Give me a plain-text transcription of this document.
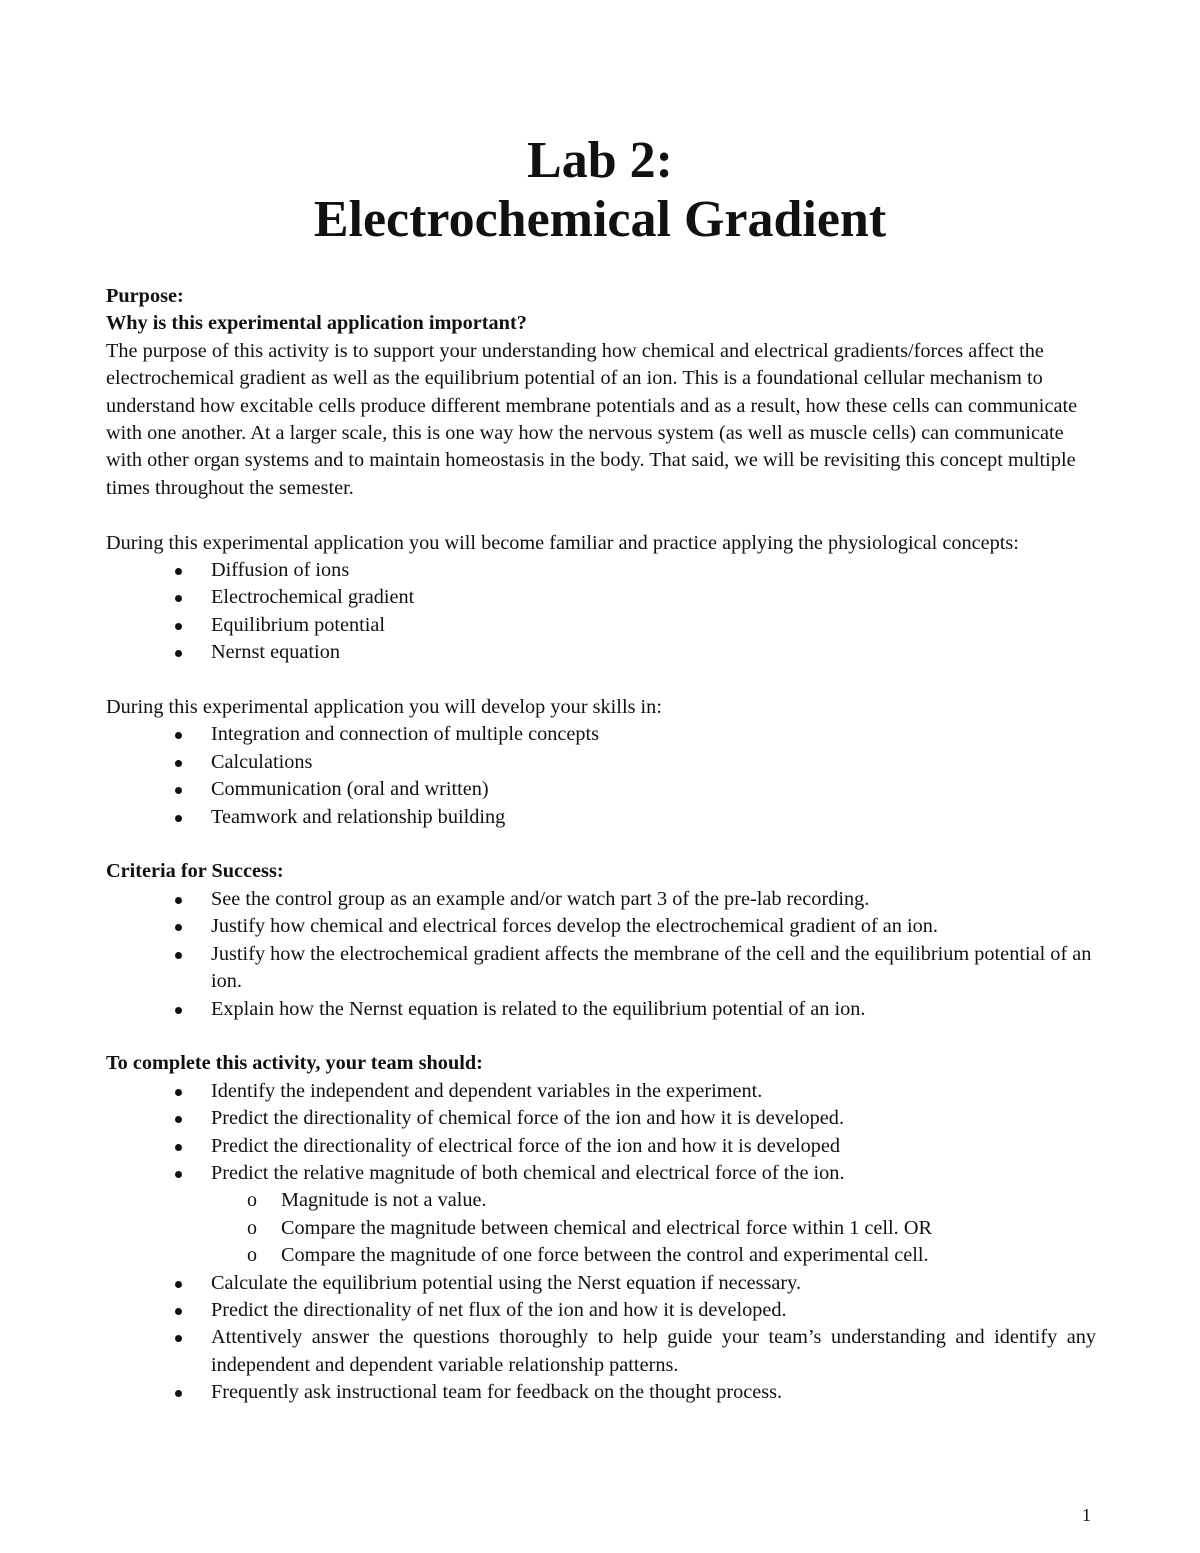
Lab 2:
Electrochemical Gradient

Purpose:

Why is this experimental application important?

The purpose of this activity is to support your understanding how chemical and electrical gradients/forces affect the electrochemical gradient as well as the equilibrium potential of an ion. This is a foundational cellular mechanism to understand how excitable cells produce different membrane potentials and as a result, how these cells can communicate with one another. At a larger scale, this is one way how the nervous system (as well as muscle cells) can communicate with other organ systems and to maintain homeostasis in the body. That said, we will be revisiting this concept multiple times throughout the semester.

During this experimental application you will become familiar and practice applying the physiological concepts:

Diffusion of ions
Electrochemical gradient
Equilibrium potential
Nernst equation

During this experimental application you will develop your skills in:

Integration and connection of multiple concepts
Calculations
Communication (oral and written)
Teamwork and relationship building

Criteria for Success:

See the control group as an example and/or watch part 3 of the pre-lab recording.
Justify how chemical and electrical forces develop the electrochemical gradient of an ion.
Justify how the electrochemical gradient affects the membrane of the cell and the equilibrium potential of an ion.
Explain how the Nernst equation is related to the equilibrium potential of an ion.

To complete this activity, your team should:

Identify the independent and dependent variables in the experiment.
Predict the directionality of chemical force of the ion and how it is developed.
Predict the directionality of electrical force of the ion and how it is developed
Predict the relative magnitude of both chemical and electrical force of the ion.
o Magnitude is not a value.
o Compare the magnitude between chemical and electrical force within 1 cell. OR
o Compare the magnitude of one force between the control and experimental cell.
Calculate the equilibrium potential using the Nerst equation if necessary.
Predict the directionality of net flux of the ion and how it is developed.
Attentively answer the questions thoroughly to help guide your team’s understanding and identify any independent and dependent variable relationship patterns.
Frequently ask instructional team for feedback on the thought process.
1
